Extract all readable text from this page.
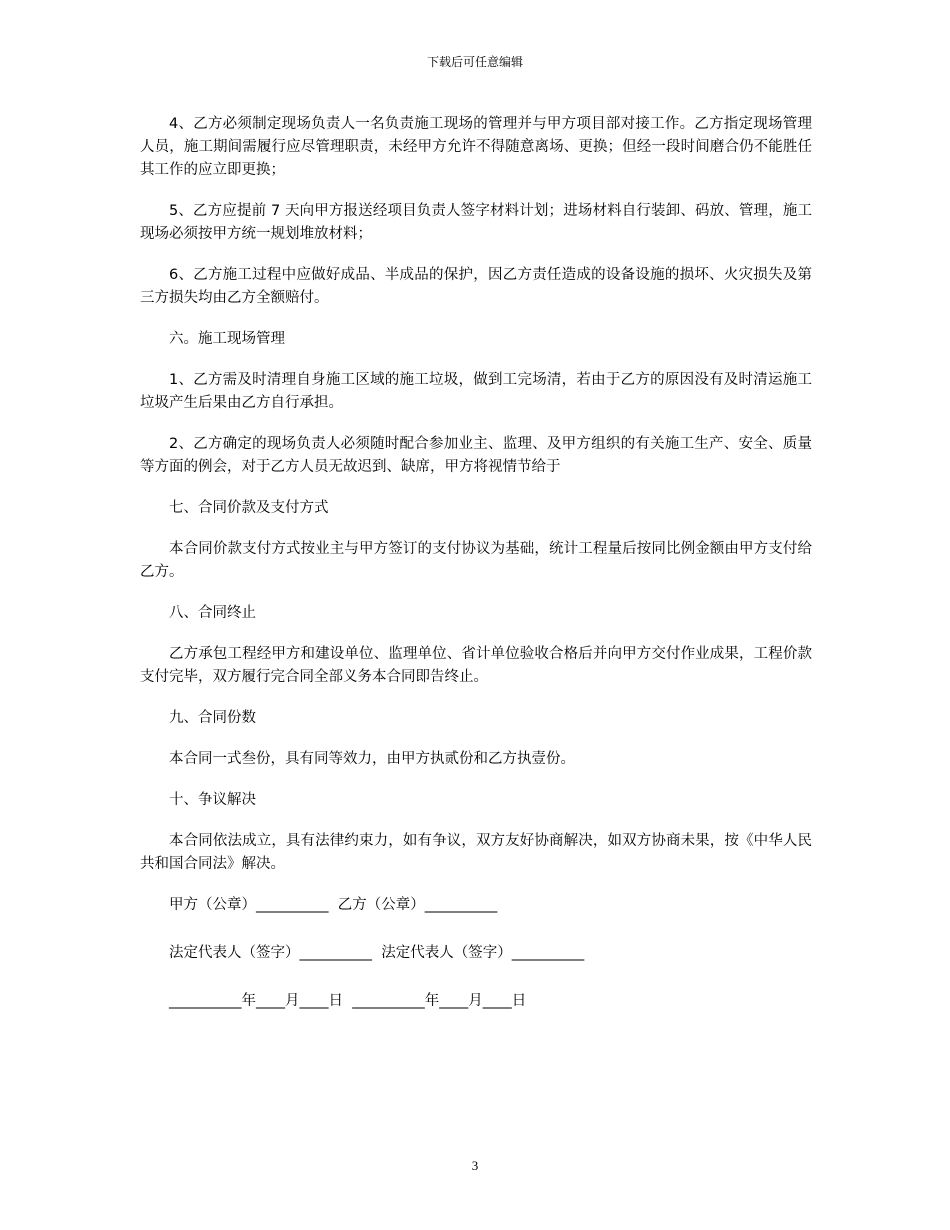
下载后可任意编辑

4、乙方必须制定现场负责人一名负责施工现场的管理并与甲方项目部对接工作。乙方指定现场管理人员，施工期间需履行应尽管理职责，未经甲方允许不得随意离场、更换；但经一段时间磨合仍不能胜任其工作的应立即更换；

5、乙方应提前 7 天向甲方报送经项目负责人签字材料计划；进场材料自行装卸、码放、管理，施工现场必须按甲方统一规划堆放材料；

6、乙方施工过程中应做好成品、半成品的保护，因乙方责任造成的设备设施的损坏、火灾损失及第三方损失均由乙方全额赔付。

六。施工现场管理

1、乙方需及时清理自身施工区域的施工垃圾，做到工完场清，若由于乙方的原因没有及时清运施工垃圾产生后果由乙方自行承担。

2、乙方确定的现场负责人必须随时配合参加业主、监理、及甲方组织的有关施工生产、安全、质量等方面的例会，对于乙方人员无故迟到、缺席，甲方将视情节给于

七、合同价款及支付方式

本合同价款支付方式按业主与甲方签订的支付协议为基础，统计工程量后按同比例金额由甲方支付给乙方。

八、合同终止

乙方承包工程经甲方和建设单位、监理单位、省计单位验收合格后并向甲方交付作业成果，工程价款支付完毕，双方履行完合同全部义务本合同即告终止。

九、合同份数

本合同一式叁份，具有同等效力，由甲方执贰份和乙方执壹份。

十、争议解决

本合同依法成立，具有法律约束力，如有争议，双方友好协商解决，如双方协商未果，按《中华人民共和国合同法》解决。

甲方（公章）__________  乙方（公章）__________

法定代表人（签字）__________  法定代表人（签字）__________

__________年____月____日  __________年____月____日

3
